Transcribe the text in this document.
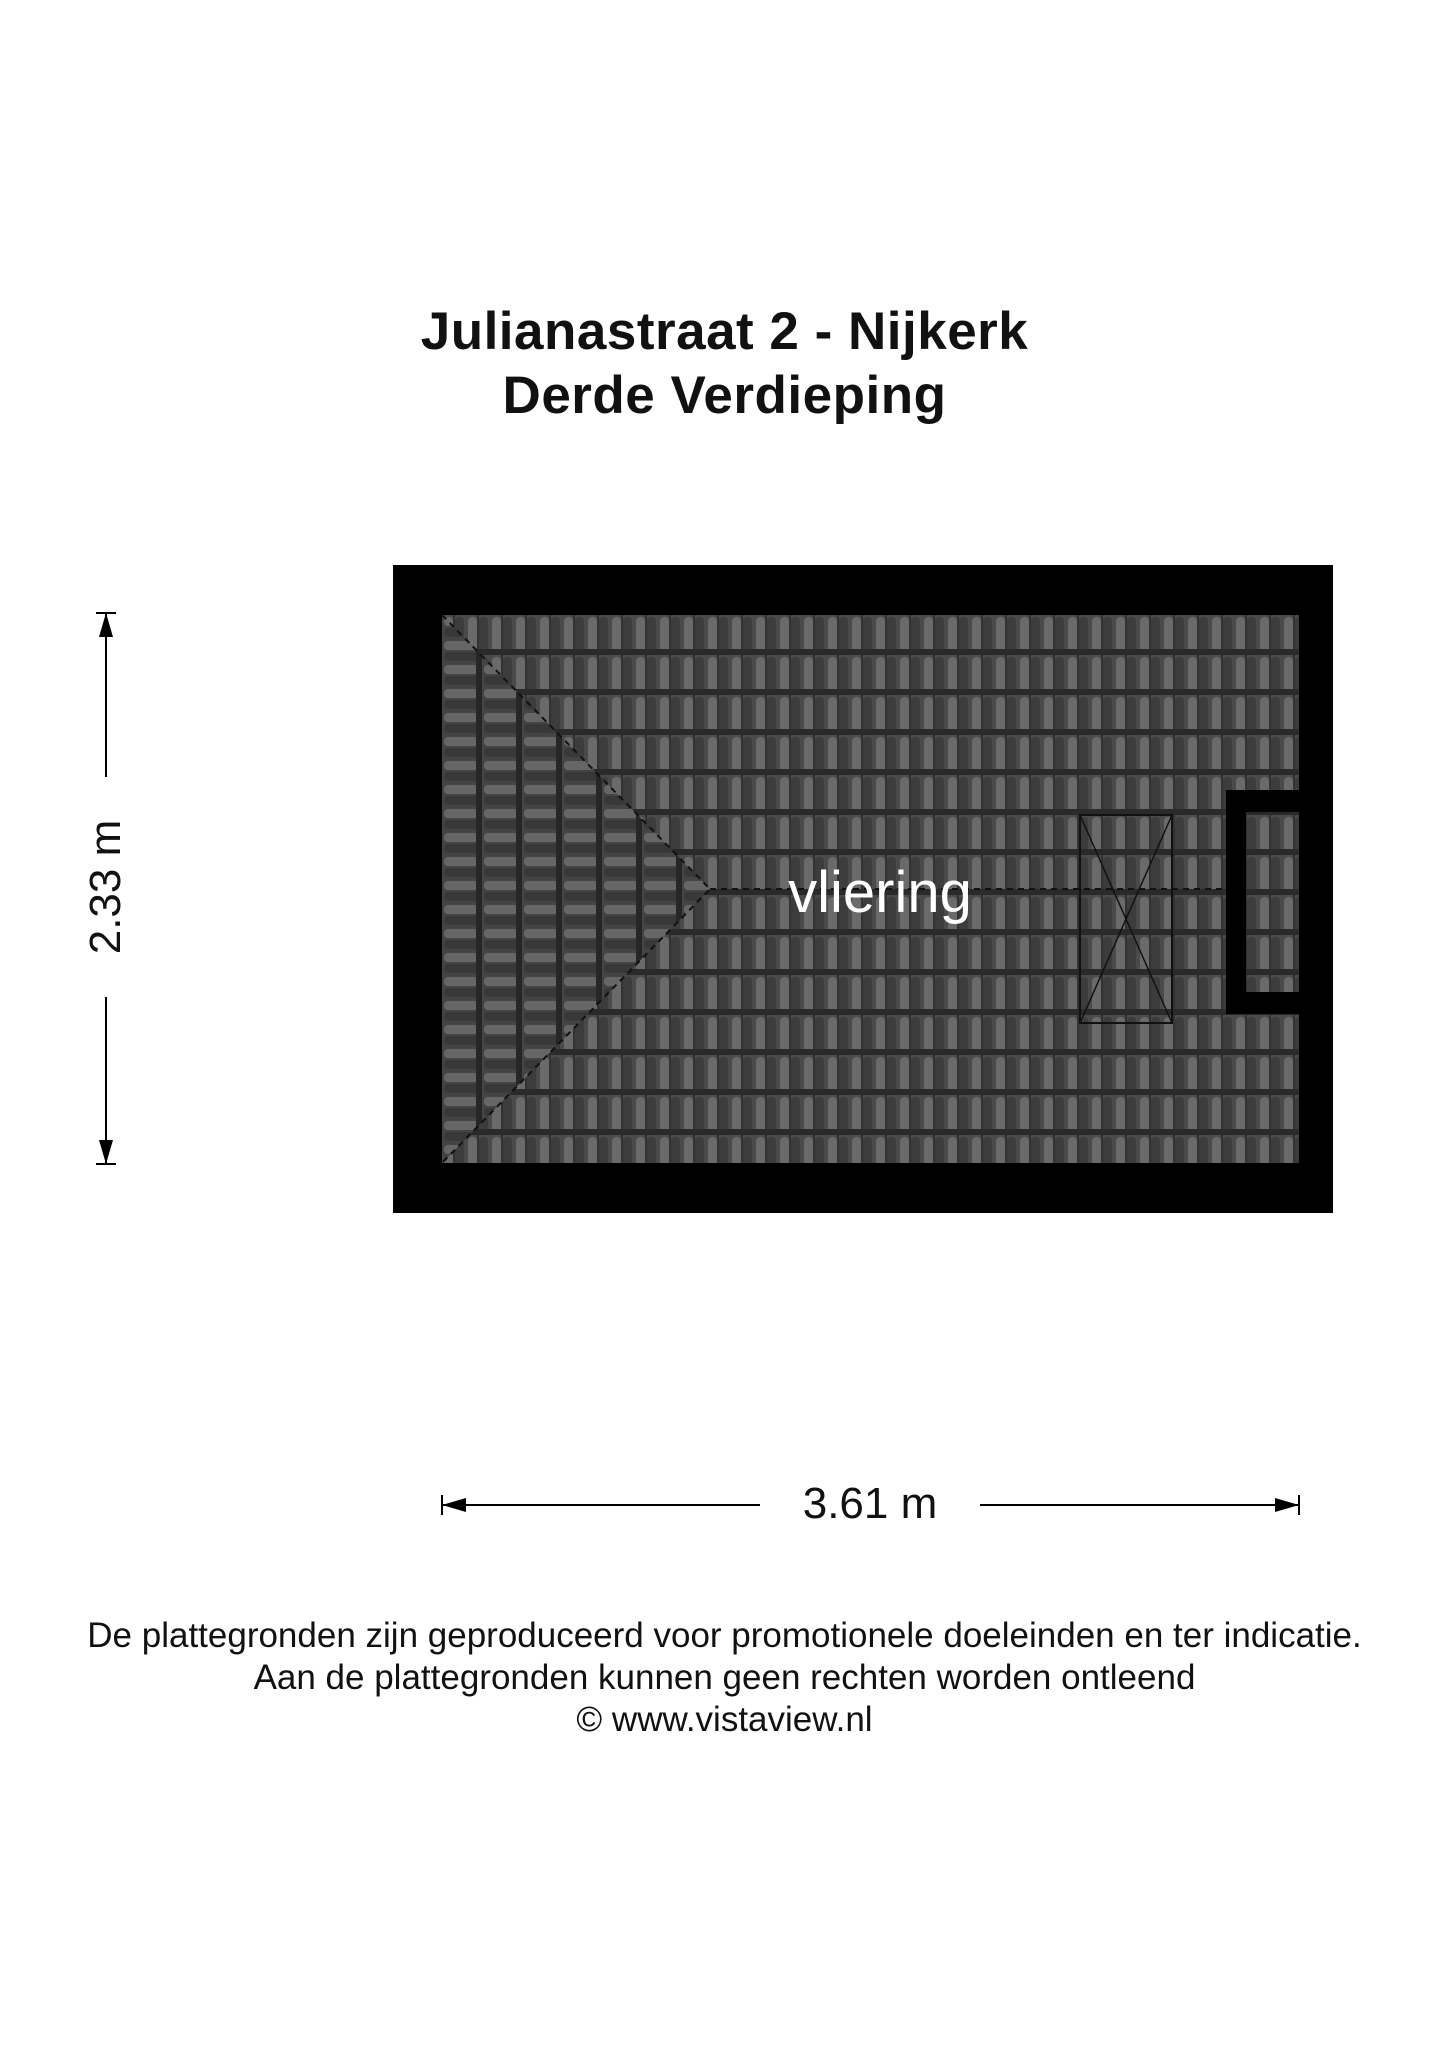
Julianastraat 2 - Nijkerk
Derde Verdieping
vliering
2.33 m
3.61 m
De plattegronden zijn geproduceerd voor promotionele doeleinden en ter indicatie.
Aan de plattegronden kunnen geen rechten worden ontleend
© www.vistaview.nl
